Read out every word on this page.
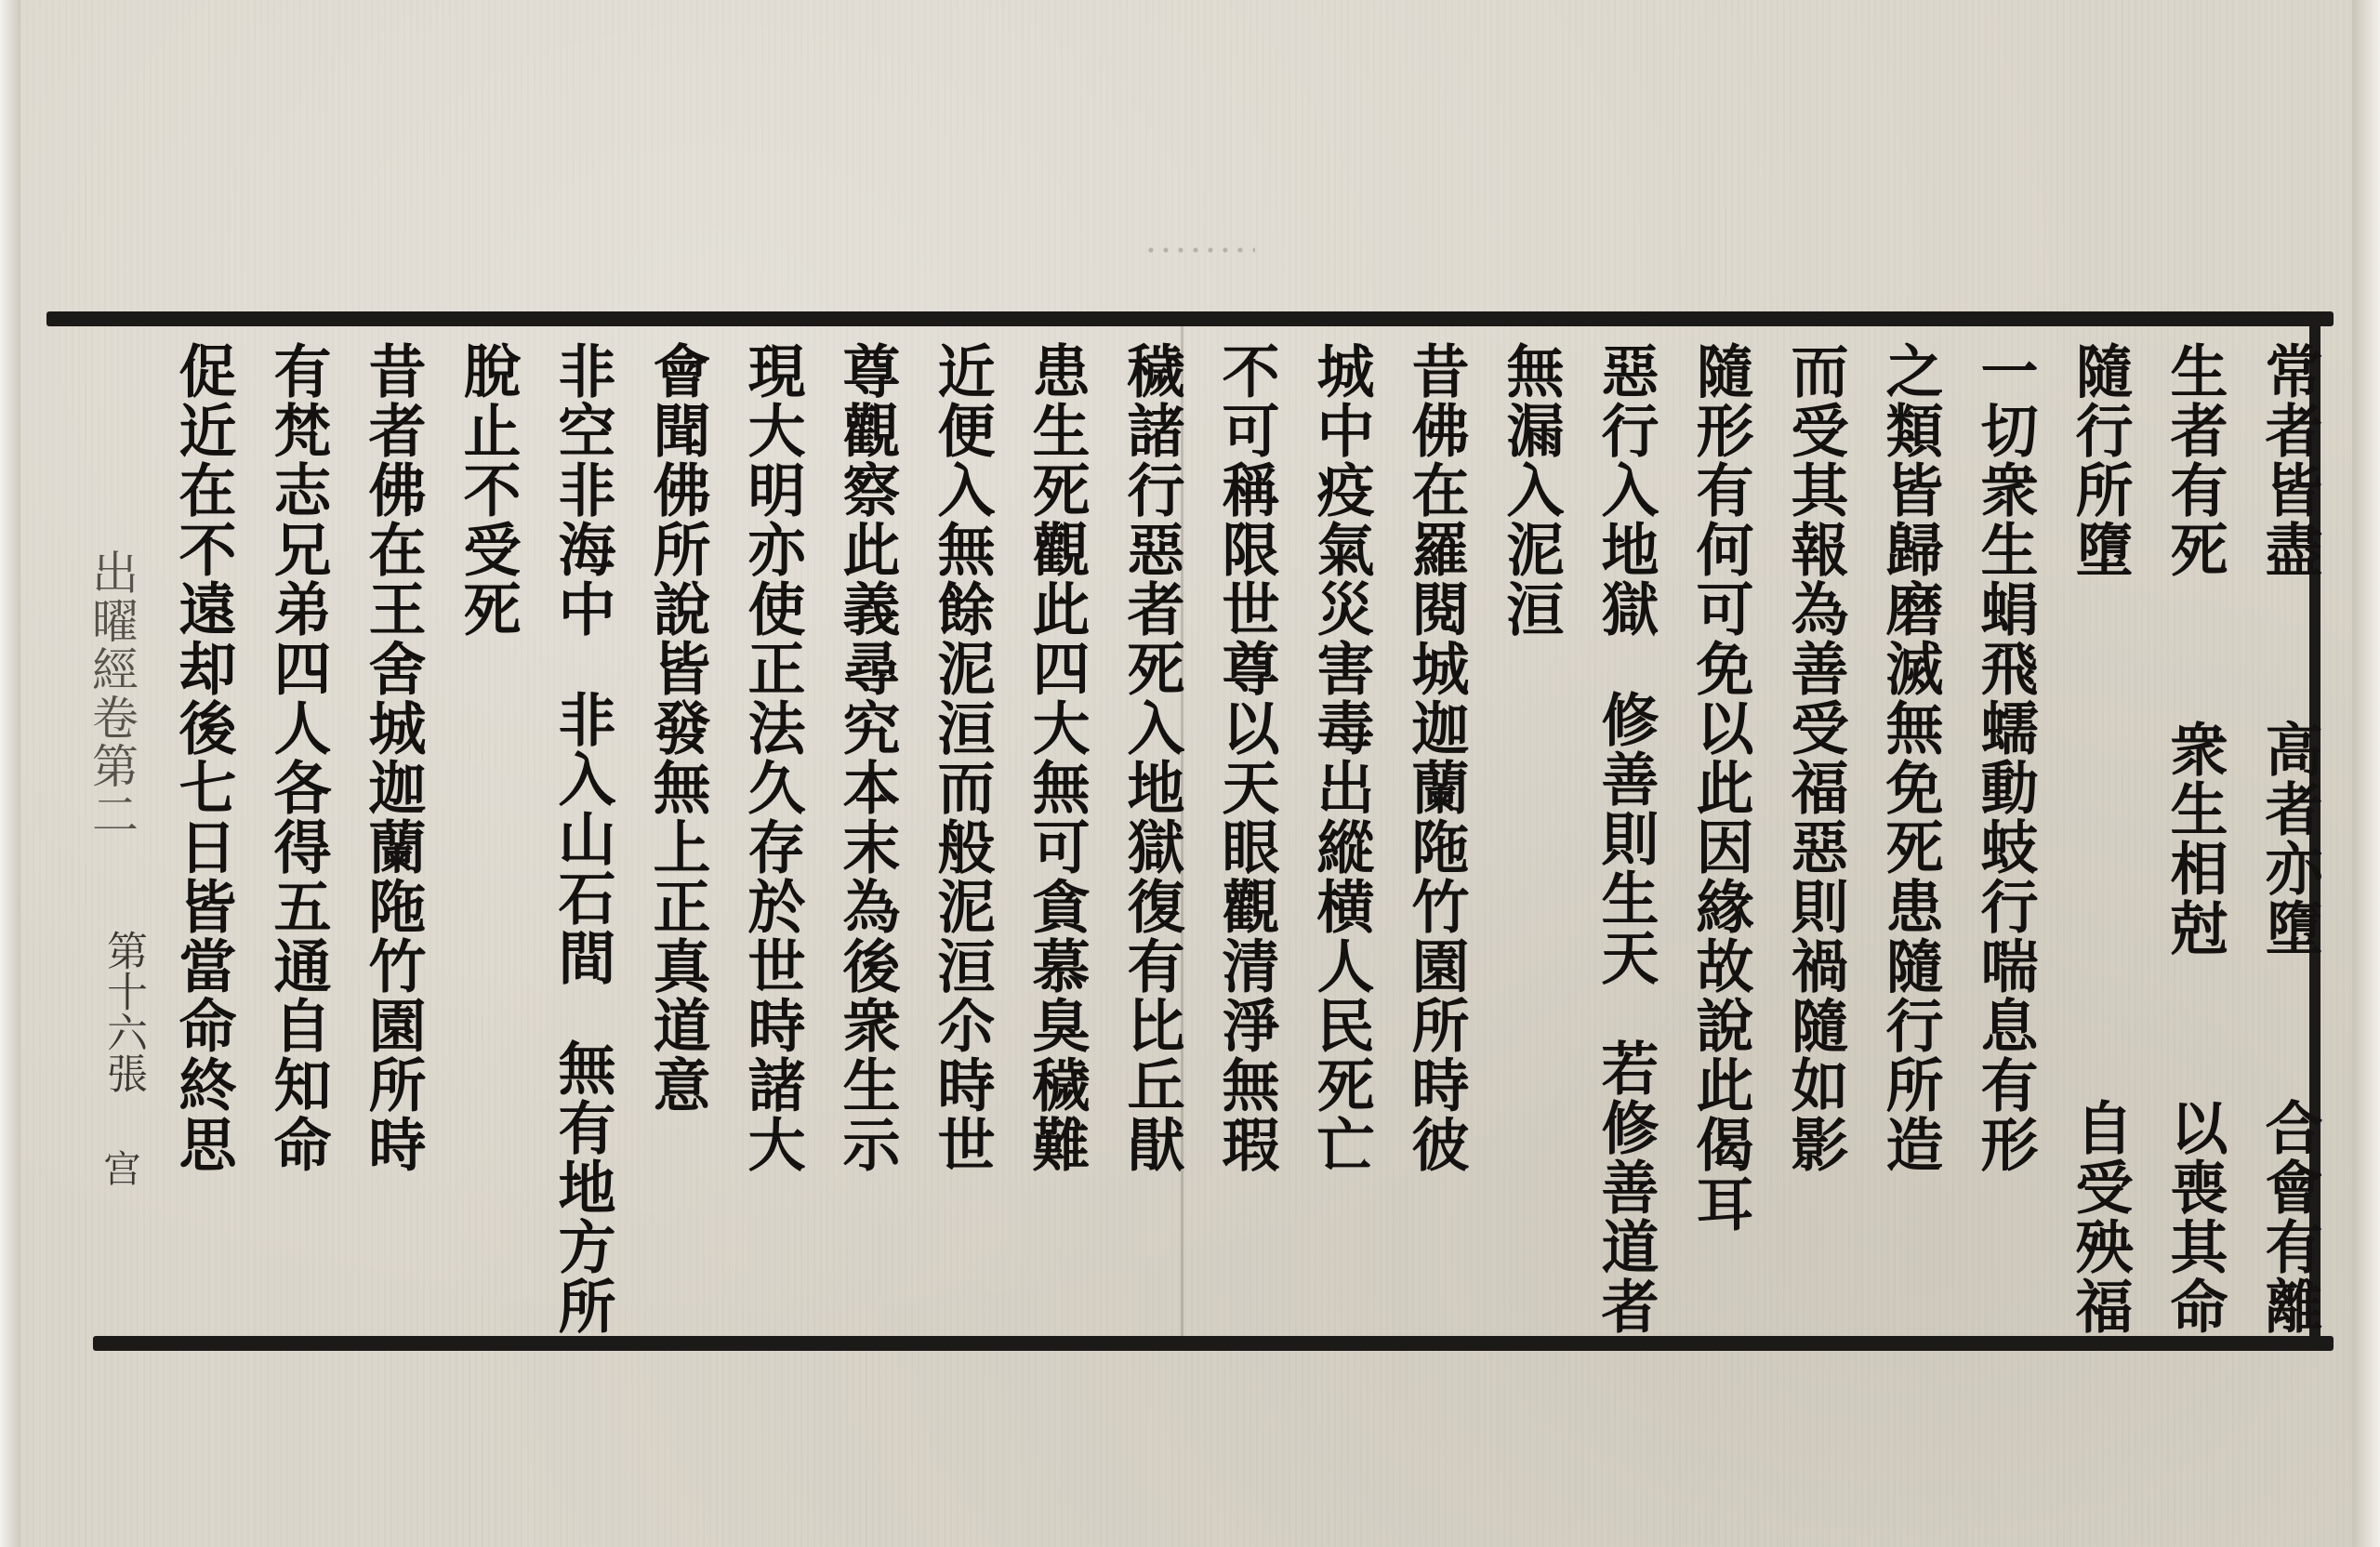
常者皆盡
高者亦墮
合會有離
生者有死
衆生相尅
以喪其命
隨行所墮
自受殃福
一切衆生蜎飛蠕動蚑行喘息有形
之類皆歸磨滅無免死患隨行所造
而受其報為善受福惡則禍隨如影
隨形有何可免以此因緣故說此偈耳
惡行入地獄
修善則生天
若修善道者
無漏入泥洹
昔佛在羅閱城迦蘭陁竹園所時彼
城中疫氣災害毒出縱横人民死亡
不可稱限世尊以天眼觀清淨無瑕
穢諸行惡者死入地獄復有比丘猒
患生死觀此四大無可貪慕臭穢難
近便入無餘泥洹而般泥洹尒時世
尊觀察此義尋究本末為後衆生示
現大明亦使正法久存於世時諸大
會聞佛所說皆發無上正真道意
非空非海中
非入山石間
無有地方所
脫止不受死
昔者佛在王舍城迦蘭陁竹園所時
有梵志兄弟四人各得五通自知命
促近在不遠却後七日皆當命終思
出曜經卷第二
第十六張
宫
